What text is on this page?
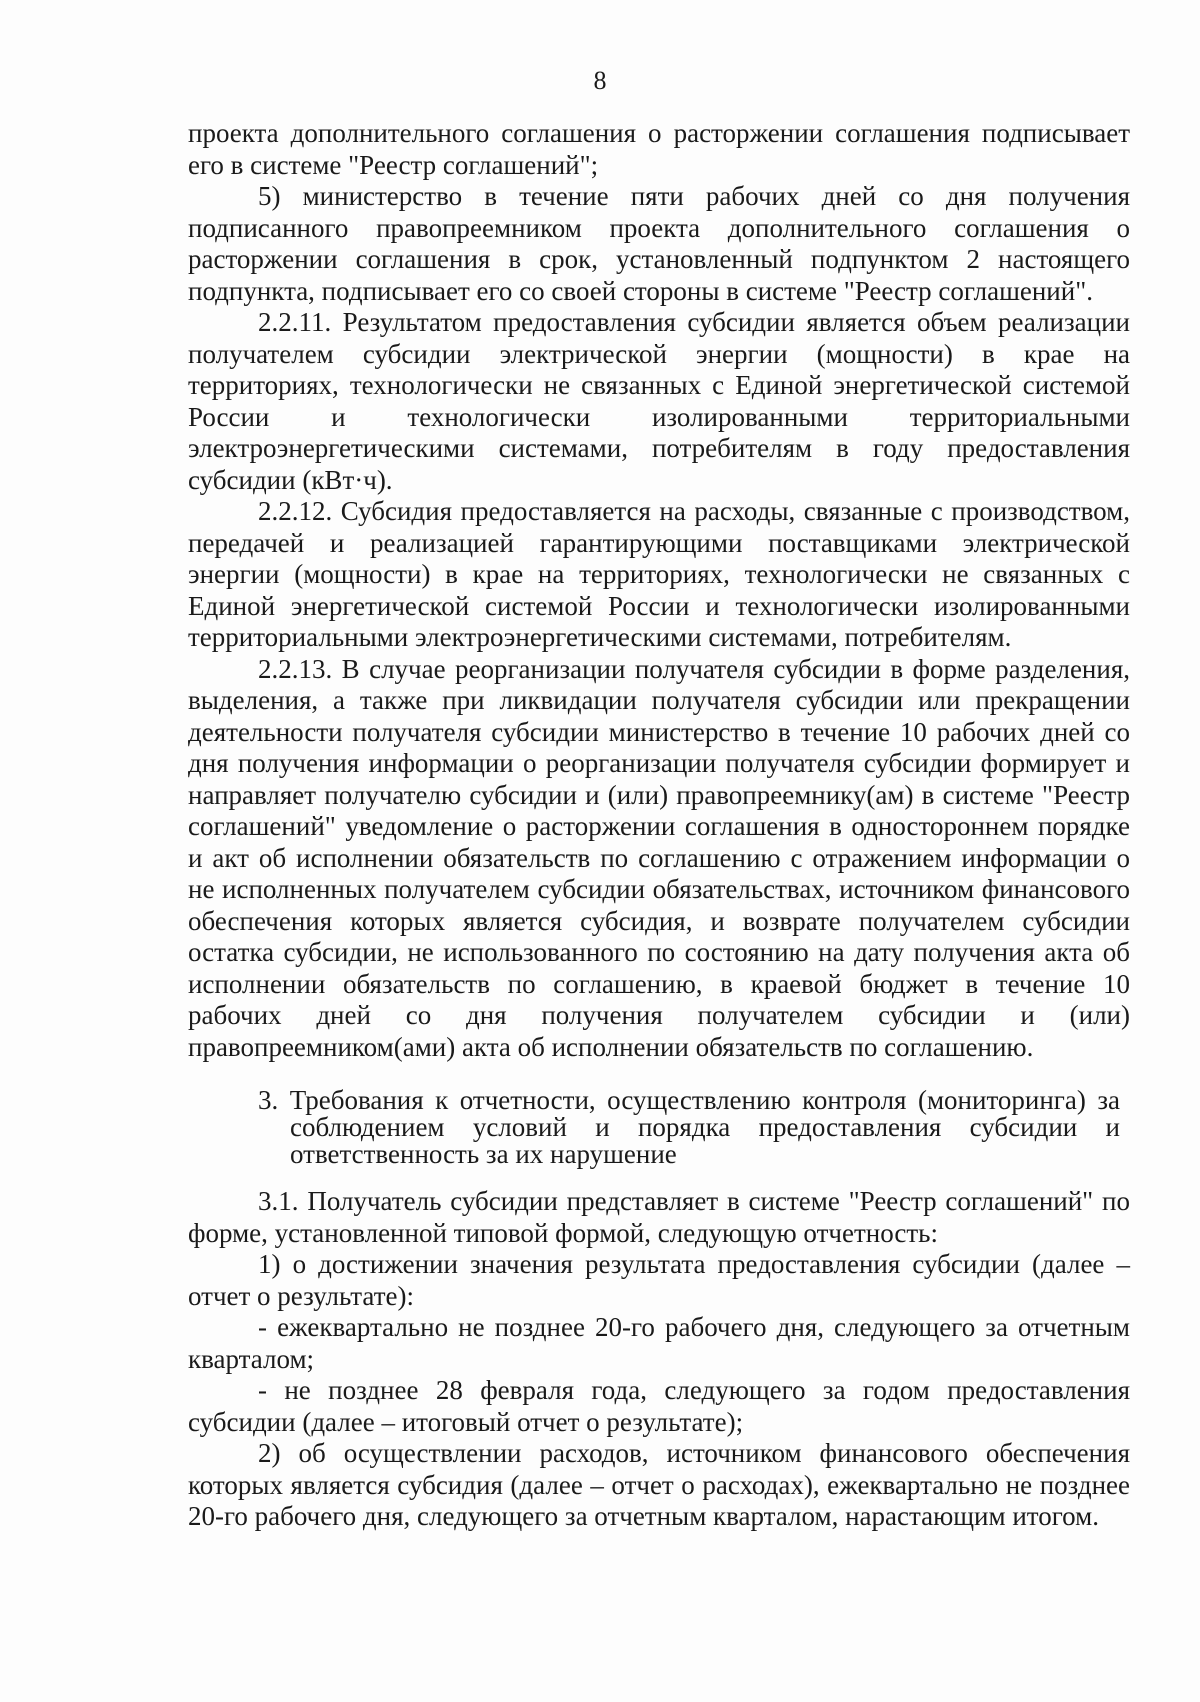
8

проекта дополнительного соглашения о расторжении соглашения подписывает его в системе "Реестр соглашений";

5) министерство в течение пяти рабочих дней со дня получения подписанного правопреемником проекта дополнительного соглашения о расторжении соглашения в срок, установленный подпунктом 2 настоящего подпункта, подписывает его со своей стороны в системе "Реестр соглашений".

2.2.11. Результатом предоставления субсидии является объем реализации получателем субсидии электрической энергии (мощности) в крае на территориях, технологически не связанных с Единой энергетической системой России и технологически изолированными территориальными электроэнергетическими системами, потребителям в году предоставления субсидии (кВт·ч).

2.2.12. Субсидия предоставляется на расходы, связанные с производством, передачей и реализацией гарантирующими поставщиками электрической энергии (мощности) в крае на территориях, технологически не связанных с Единой энергетической системой России и технологически изолированными территориальными электроэнергетическими системами, потребителям.

2.2.13. В случае реорганизации получателя субсидии в форме разделения, выделения, а также при ликвидации получателя субсидии или прекращении деятельности получателя субсидии министерство в течение 10 рабочих дней со дня получения информации о реорганизации получателя субсидии формирует и направляет получателю субсидии и (или) правопреемнику(ам) в системе "Реестр соглашений" уведомление о расторжении соглашения в одностороннем порядке и акт об исполнении обязательств по соглашению с отражением информации о не исполненных получателем субсидии обязательствах, источником финансового обеспечения которых является субсидия, и возврате получателем субсидии остатка субсидии, не использованного по состоянию на дату получения акта об исполнении обязательств по соглашению, в краевой бюджет в течение 10 рабочих дней со дня получения получателем субсидии и (или) правопреемником(ами) акта об исполнении обязательств по соглашению.

3. Требования к отчетности, осуществлению контроля (мониторинга) за соблюдением условий и порядка предоставления субсидии и ответственность за их нарушение

3.1. Получатель субсидии представляет в системе "Реестр соглашений" по форме, установленной типовой формой, следующую отчетность:

1) о достижении значения результата предоставления субсидии (далее – отчет о результате):

- ежеквартально не позднее 20-го рабочего дня, следующего за отчетным кварталом;

- не позднее 28 февраля года, следующего за годом предоставления субсидии (далее – итоговый отчет о результате);

2) об осуществлении расходов, источником финансового обеспечения которых является субсидия (далее – отчет о расходах), ежеквартально не позднее 20-го рабочего дня, следующего за отчетным кварталом, нарастающим итогом.
